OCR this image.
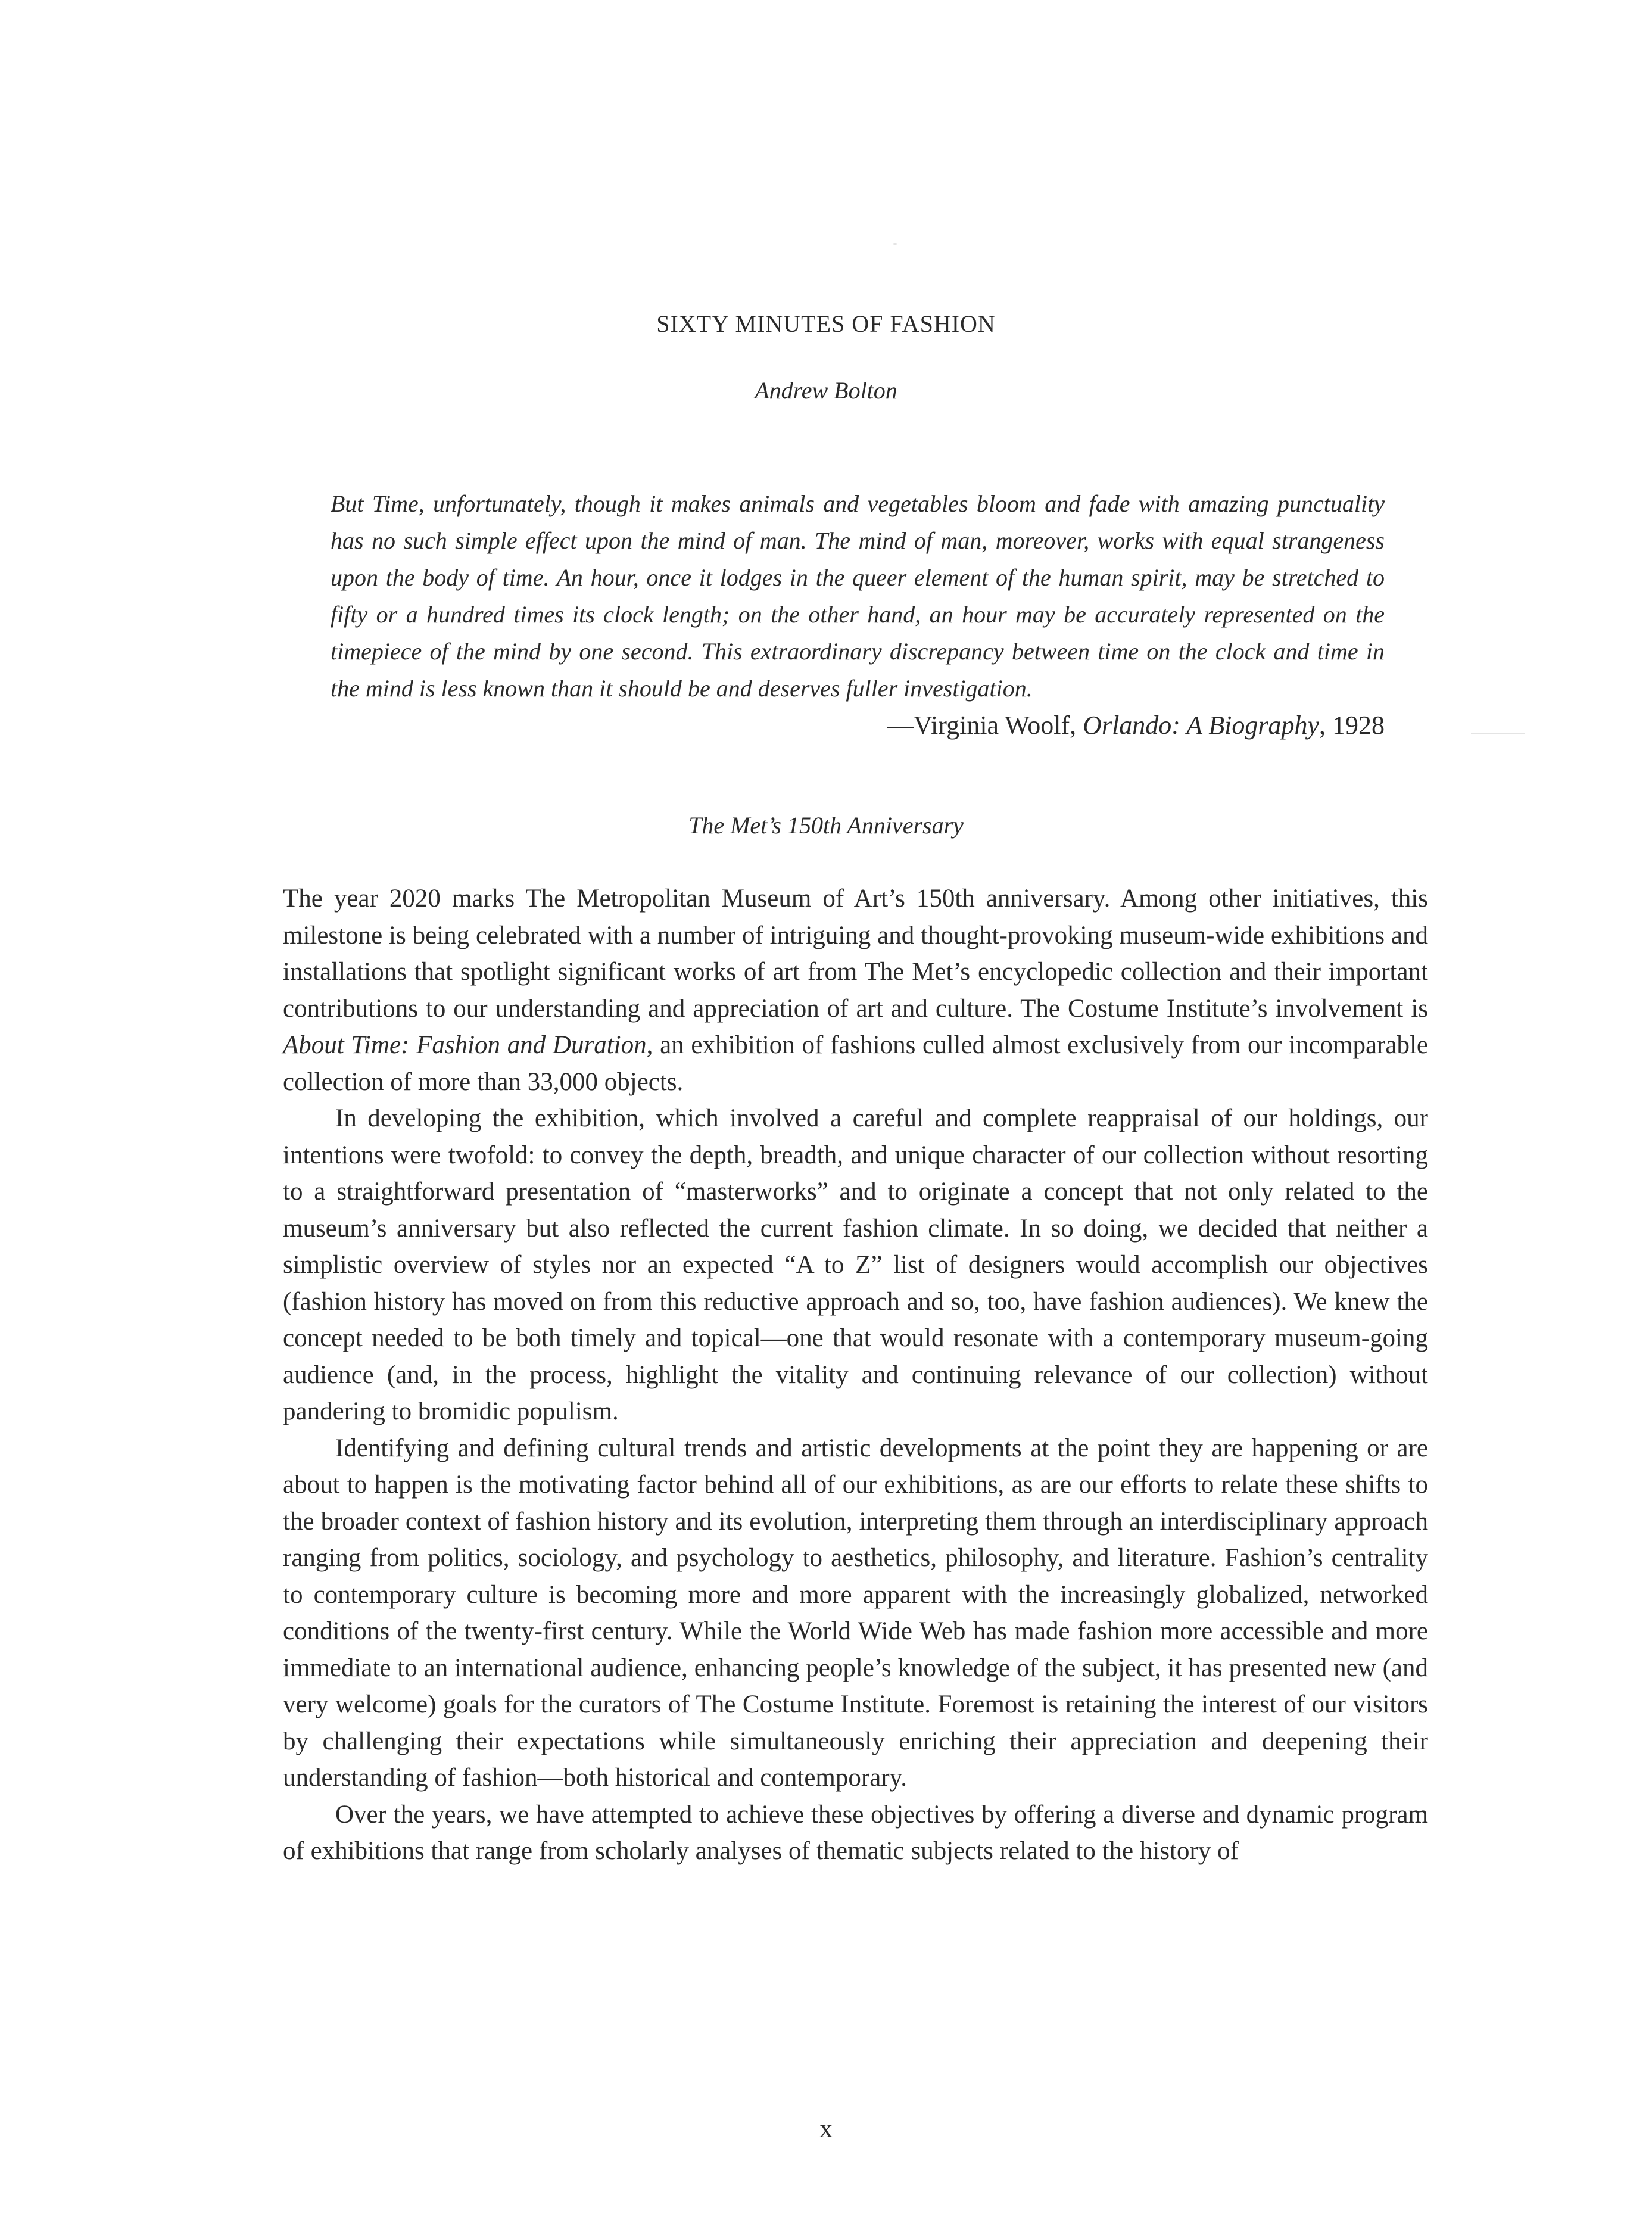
SIXTY MINUTES OF FASHION
Andrew Bolton

But Time, unfortunately, though it makes animals and vegetables bloom and fade with amazing punctuality has no such simple effect upon the mind of man. The mind of man, moreover, works with equal strangeness upon the body of time. An hour, once it lodges in the queer element of the human spirit, may be stretched to fifty or a hundred times its clock length; on the other hand, an hour may be accurately represented on the timepiece of the mind by one second. This extraordinary discrepancy between time on the clock and time in the mind is less known than it should be and deserves fuller investigation.

—Virginia Woolf, Orlando: A Biography, 1928

The Met’s 150th Anniversary

The year 2020 marks The Metropolitan Museum of Art’s 150th anniversary. Among other initiatives, this milestone is being celebrated with a number of intriguing and thought-provoking museum-wide exhibitions and installations that spotlight significant works of art from The Met’s encyclopedic collection and their important contributions to our understanding and appreciation of art and culture. The Costume Institute’s involvement is About Time: Fashion and Duration, an exhibition of fashions culled almost exclusively from our incomparable collection of more than 33,000 objects.

In developing the exhibition, which involved a careful and complete reappraisal of our holdings, our intentions were twofold: to convey the depth, breadth, and unique character of our collection without resorting to a straightforward presentation of “masterworks” and to originate a concept that not only related to the museum’s anniversary but also reflected the current fashion climate. In so doing, we decided that neither a simplistic overview of styles nor an expected “A to Z” list of designers would accomplish our objectives (fashion history has moved on from this reductive approach and so, too, have fashion audiences). We knew the concept needed to be both timely and topical—one that would resonate with a contemporary museum-going audience (and, in the process, highlight the vitality and continuing relevance of our collection) without pandering to bromidic populism.

Identifying and defining cultural trends and artistic developments at the point they are happening or are about to happen is the motivating factor behind all of our exhibitions, as are our efforts to relate these shifts to the broader context of fashion history and its evolution, interpreting them through an interdisciplinary approach ranging from politics, sociology, and psychology to aesthetics, philosophy, and literature. Fashion’s centrality to contemporary culture is becoming more and more apparent with the increasingly globalized, networked conditions of the twenty-first century. While the World Wide Web has made fashion more accessible and more immediate to an international audience, enhancing people’s knowledge of the subject, it has presented new (and very welcome) goals for the curators of The Costume Institute. Foremost is retaining the interest of our visitors by challenging their expectations while simultaneously enriching their appreciation and deepening their understanding of fashion—both historical and contemporary.

Over the years, we have attempted to achieve these objectives by offering a diverse and dynamic program of exhibitions that range from scholarly analyses of thematic subjects related to the history of

x
